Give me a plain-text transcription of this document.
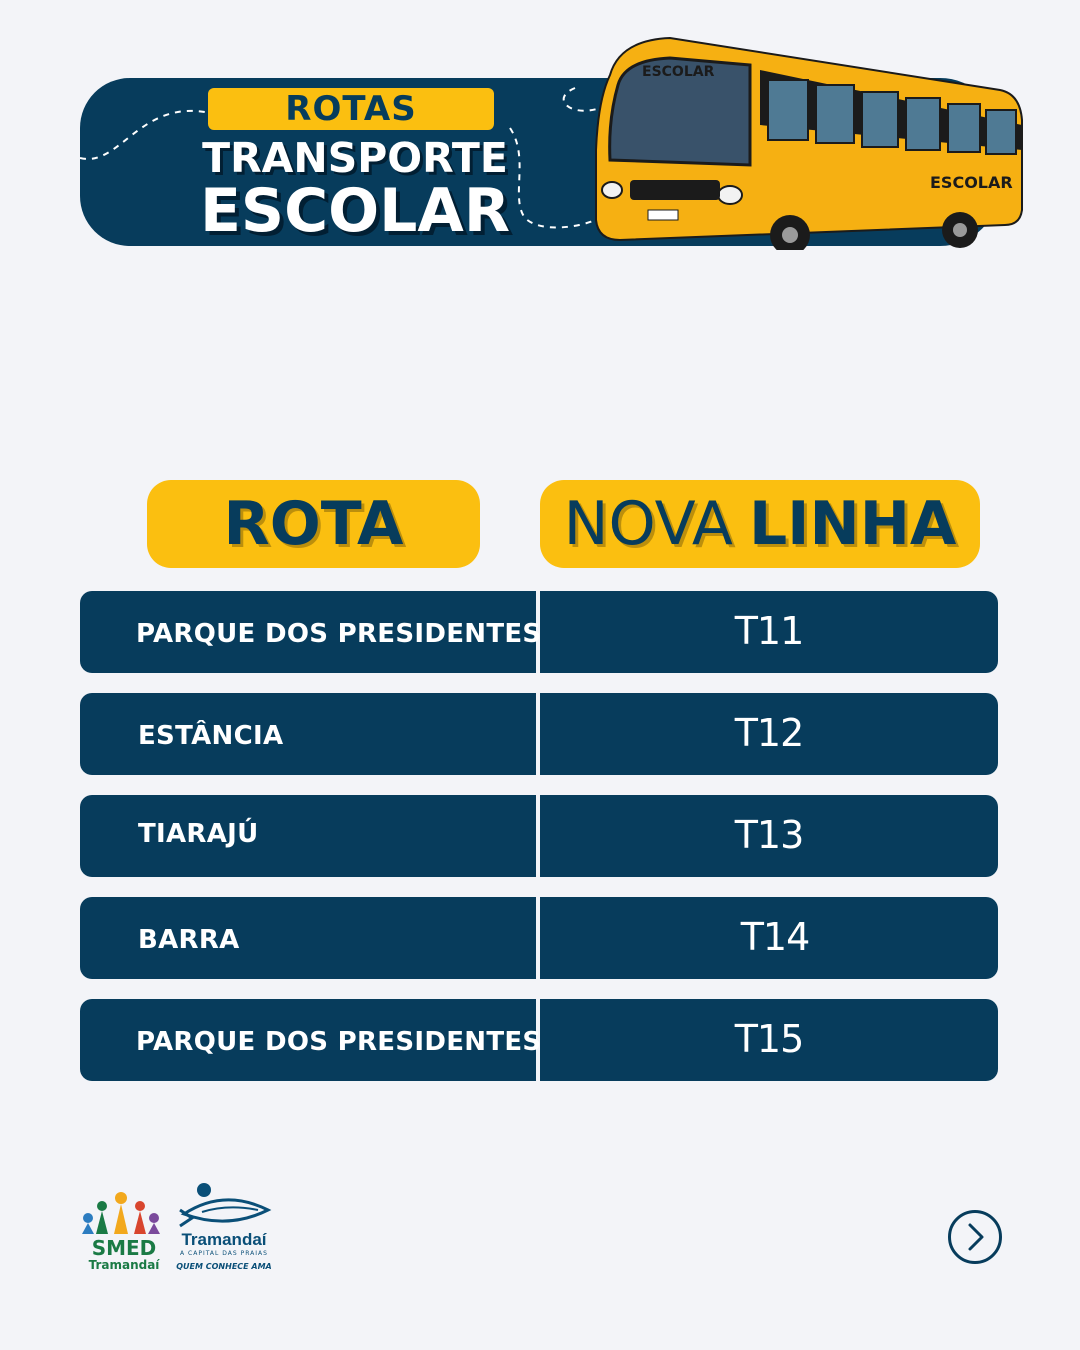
ROTAS
TRANSPORTE
ESCOLAR
ESCOLAR
ESCOLAR
ROTA	NOVA LINHA
PARQUE DOS PRESIDENTES	T11
ESTÂNCIA	T12
TIARAJÚ	T13
BARRA	T14
PARQUE DOS PRESIDENTES	T15
SMED
Tramandaí
Tramandaí
A CAPITAL DAS PRAIAS
QUEM CONHECE AMA
